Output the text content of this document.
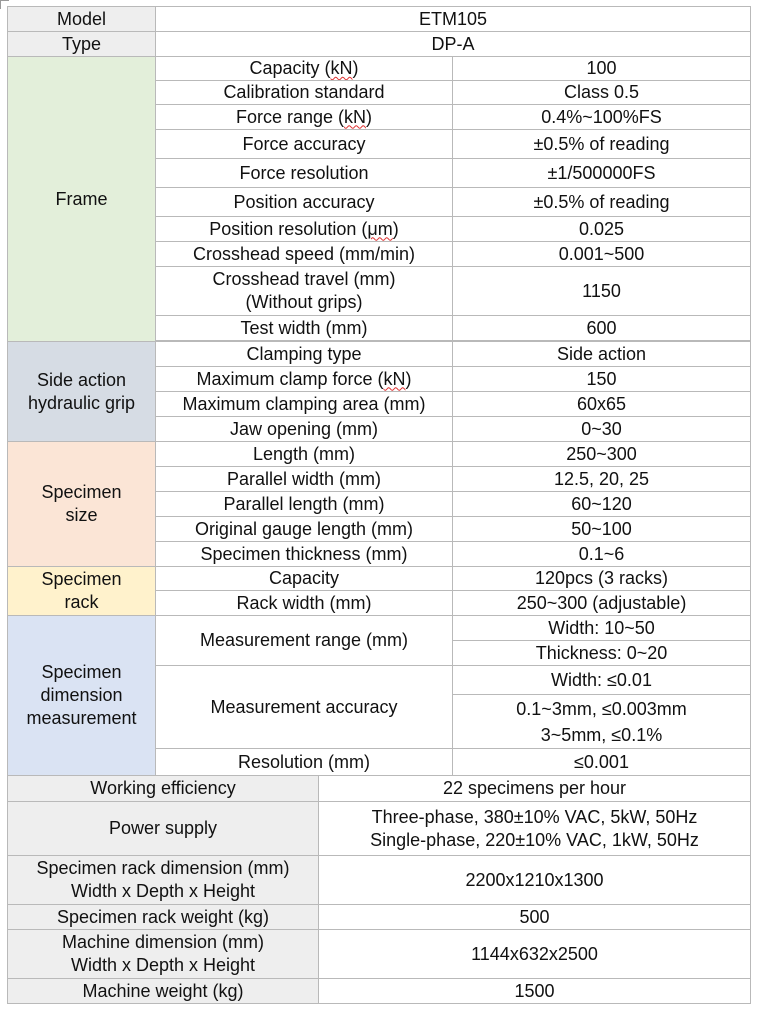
Model	ETM105		
Type	DP-A		
Frame	Capacity (kN)		100
	Calibration standard		Class 0.5
	Force range (kN)		0.4%~100%FS
	Force accuracy		±0.5% of reading
	Force resolution		±1/500000FS
	Position accuracy		±0.5% of reading
	Position resolution (μm)		0.025
	Crosshead speed (mm/min)		0.001~500

	Crosshead travel (mm)
(Without grips)		1150
	Test width (mm)		600

Side action
hydraulic grip	Clamping type		Side action
	Maximum clamp force (kN)		150
	Maximum clamping area (mm)		60x65
	Jaw opening (mm)		0~30

Specimen
size	Length (mm)		250~300
	Parallel width (mm)		12.5, 20, 25
	Parallel length (mm)		60~120
	Original gauge length (mm)		50~100
	Specimen thickness (mm)		0.1~6

Specimen
rack	Capacity		120pcs (3 racks)
	Rack width (mm)		250~300 (adjustable)

Specimen
dimension
measurement	Measurement range (mm)		Width: 10~50
			Thickness: 0~20
	Measurement accuracy		Width: ≤0.01
			0.1~3mm, ≤0.003mm
			3~5mm, ≤0.1%
	Resolution (mm)		≤0.001
Working efficiency		22 specimens per hour	
Power supply		Three-phase, 380±10% VAC, 5kW, 50Hz
Single-phase, 220±10% VAC, 1kW, 50Hz	

Specimen rack dimension (mm)
Width x Depth x Height		2200x1210x1300	
Specimen rack weight (kg)		500	

Machine dimension (mm)
Width x Depth x Height		1144x632x2500	
Machine weight (kg)		1500	
